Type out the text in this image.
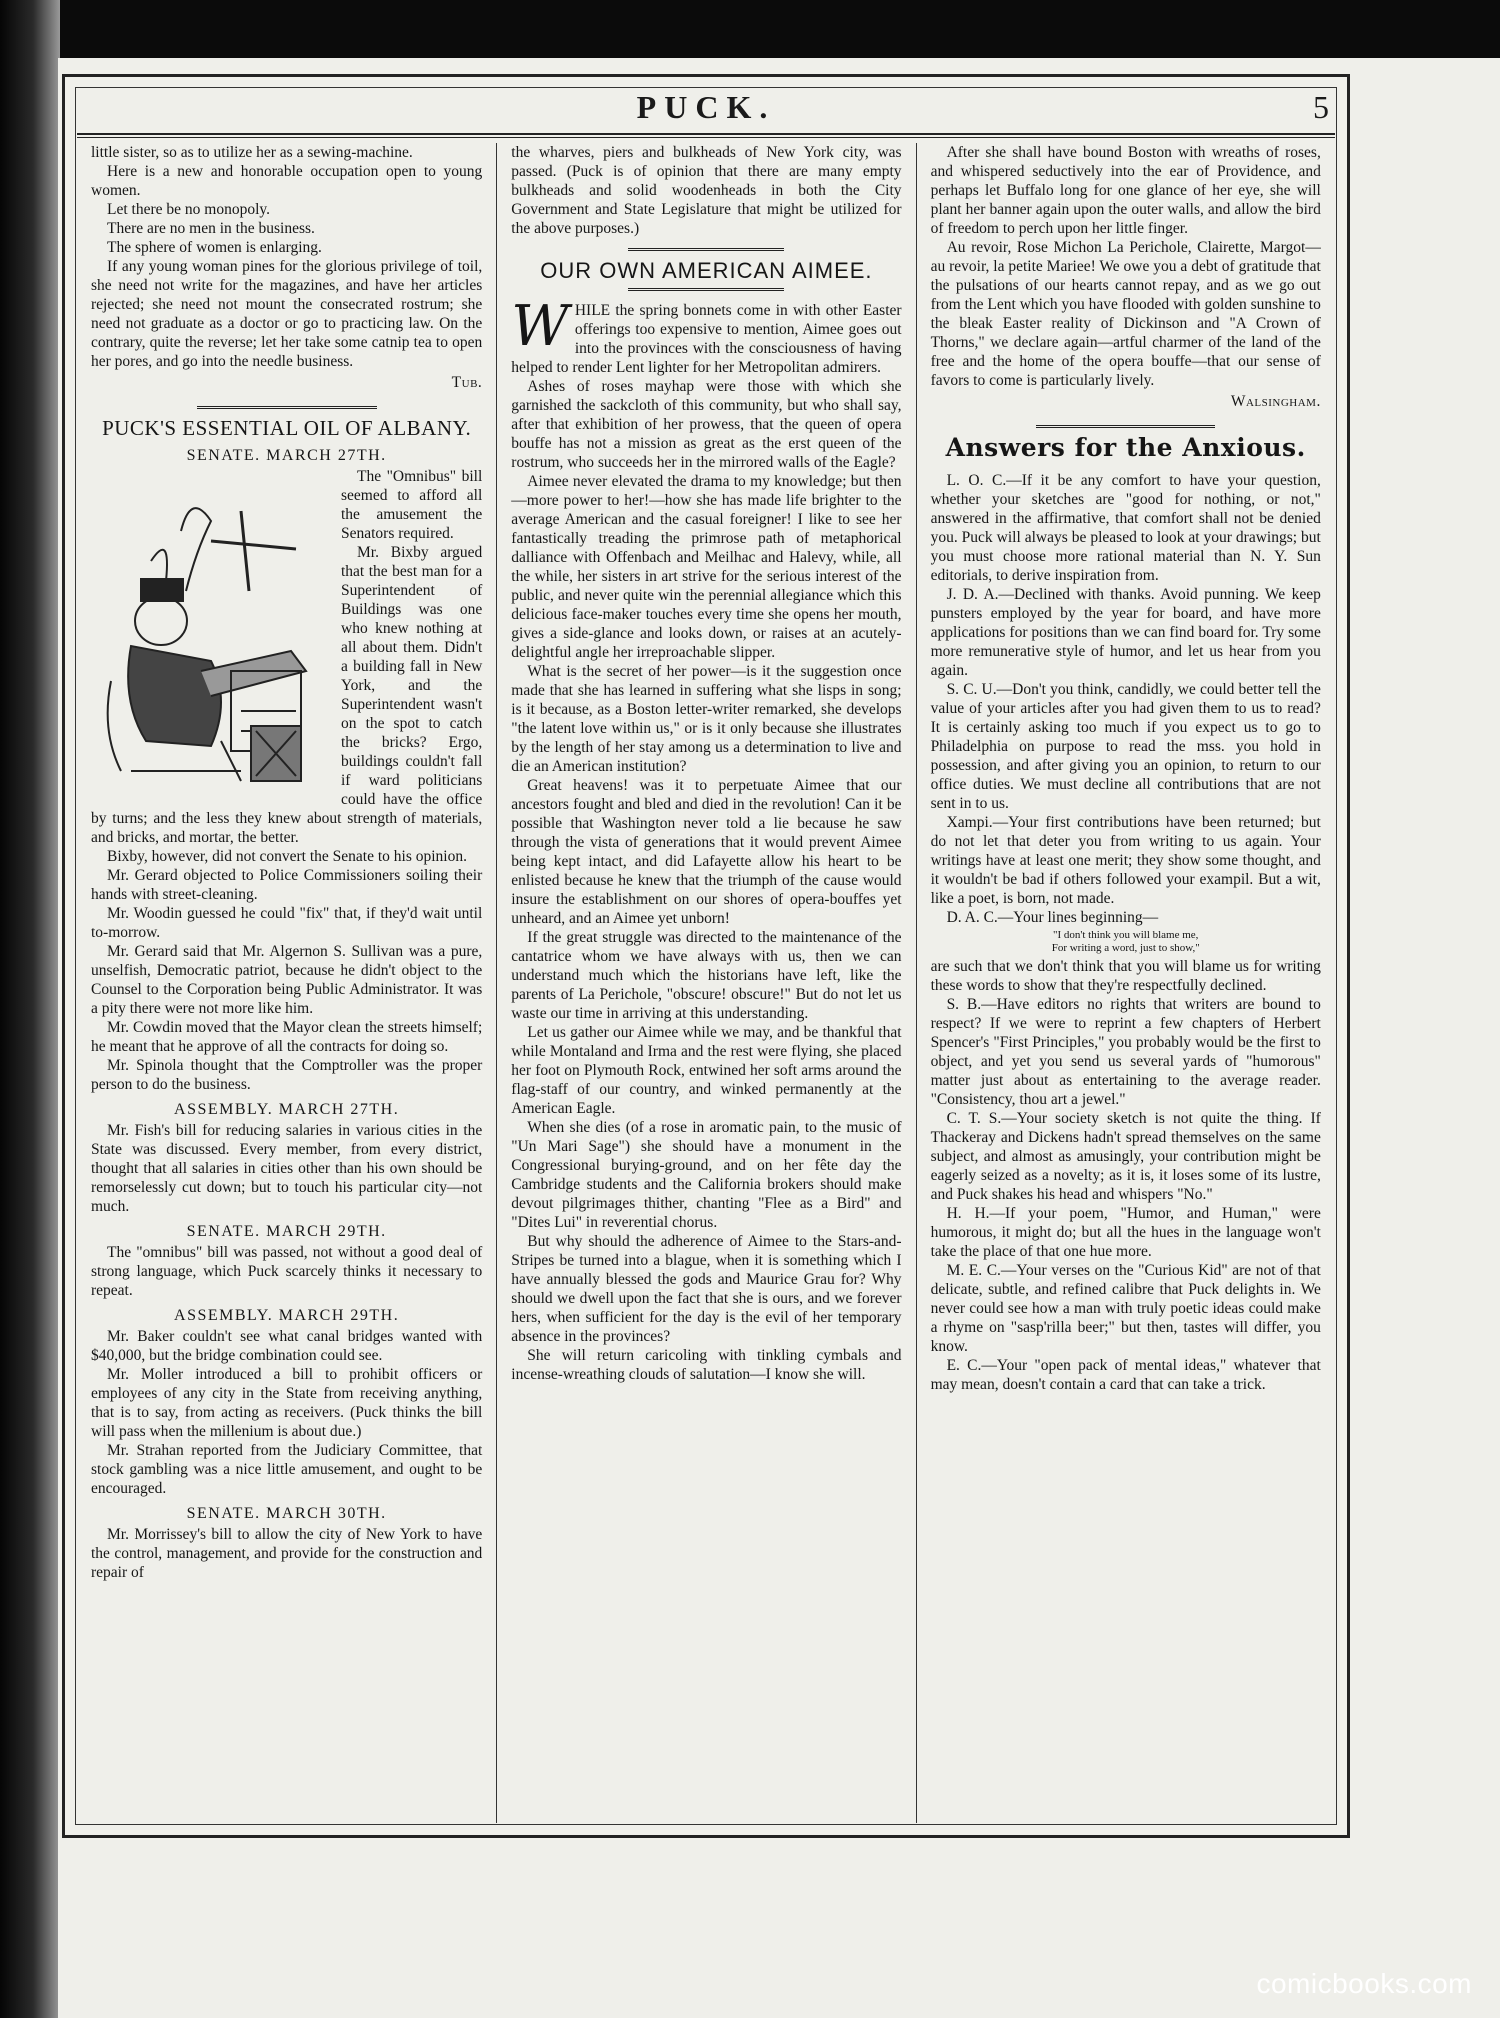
PUCK.	5

little sister, so as to utilize her as a sewing-machine.

Here is a new and honorable occupation open to young women.

Let there be no monopoly.

There are no men in the business.

The sphere of women is enlarging.

If any young woman pines for the glorious privilege of toil, she need not write for the magazines, and have her articles rejected; she need not mount the consecrated rostrum; she need not graduate as a doctor or go to practicing law. On the contrary, quite the reverse; let her take some catnip tea to open her pores, and go into the needle business.

Tub.
PUCK'S ESSENTIAL OIL OF ALBANY.
SENATE. MARCH 27TH.

The "Omnibus" bill seemed to afford all the amusement the Senators required.

Mr. Bixby argued that the best man for a Superintendent of Buildings was one who knew nothing at all about them. Didn't a building fall in New York, and the Superintendent wasn't on the spot to catch the bricks? Ergo, buildings couldn't fall if ward politicians could have the office by turns; and the less they knew about strength of materials, and bricks, and mortar, the better.

Bixby, however, did not convert the Senate to his opinion.

Mr. Gerard objected to Police Commissioners soiling their hands with street-cleaning.

Mr. Woodin guessed he could "fix" that, if they'd wait until to-morrow.

Mr. Gerard said that Mr. Algernon S. Sullivan was a pure, unselfish, Democratic patriot, because he didn't object to the Counsel to the Corporation being Public Administrator. It was a pity there were not more like him.

Mr. Cowdin moved that the Mayor clean the streets himself; he meant that he approve of all the contracts for doing so.

Mr. Spinola thought that the Comptroller was the proper person to do the business.

ASSEMBLY. MARCH 27TH.

Mr. Fish's bill for reducing salaries in various cities in the State was discussed. Every member, from every district, thought that all salaries in cities other than his own should be remorselessly cut down; but to touch his particular city—not much.

SENATE. MARCH 29TH.

The "omnibus" bill was passed, not without a good deal of strong language, which Puck scarcely thinks it necessary to repeat.

ASSEMBLY. MARCH 29TH.

Mr. Baker couldn't see what canal bridges wanted with $40,000, but the bridge combination could see.

Mr. Moller introduced a bill to prohibit officers or employees of any city in the State from receiving anything, that is to say, from acting as receivers. (Puck thinks the bill will pass when the millenium is about due.)

Mr. Strahan reported from the Judiciary Committee, that stock gambling was a nice little amusement, and ought to be encouraged.

SENATE. MARCH 30TH.

Mr. Morrissey's bill to allow the city of New York to have the control, management, and provide for the construction and repair of

the wharves, piers and bulkheads of New York city, was passed. (Puck is of opinion that there are many empty bulkheads and solid woodenheads in both the City Government and State Legislature that might be utilized for the above purposes.)

OUR OWN AMERICAN AIMEE.

WHILE the spring bonnets come in with other Easter offerings too expensive to mention, Aimee goes out into the provinces with the consciousness of having helped to render Lent lighter for her Metropolitan admirers.

Ashes of roses mayhap were those with which she garnished the sackcloth of this community, but who shall say, after that exhibition of her prowess, that the queen of opera bouffe has not a mission as great as the erst queen of the rostrum, who succeeds her in the mirrored walls of the Eagle?

Aimee never elevated the drama to my knowledge; but then—more power to her!—how she has made life brighter to the average American and the casual foreigner! I like to see her fantastically treading the primrose path of metaphorical dalliance with Offenbach and Meilhac and Halevy, while, all the while, her sisters in art strive for the serious interest of the public, and never quite win the perennial allegiance which this delicious face-maker touches every time she opens her mouth, gives a side-glance and looks down, or raises at an acutely-delightful angle her irreproachable slipper.

What is the secret of her power—is it the suggestion once made that she has learned in suffering what she lisps in song; is it because, as a Boston letter-writer remarked, she develops "the latent love within us," or is it only because she illustrates by the length of her stay among us a determination to live and die an American institution?

Great heavens! was it to perpetuate Aimee that our ancestors fought and bled and died in the revolution! Can it be possible that Washington never told a lie because he saw through the vista of generations that it would prevent Aimee being kept intact, and did Lafayette allow his heart to be enlisted because he knew that the triumph of the cause would insure the establishment on our shores of opera-bouffes yet unheard, and an Aimee yet unborn!

If the great struggle was directed to the maintenance of the cantatrice whom we have always with us, then we can understand much which the historians have left, like the parents of La Perichole, "obscure! obscure!" But do not let us waste our time in arriving at this understanding.

Let us gather our Aimee while we may, and be thankful that while Montaland and Irma and the rest were flying, she placed her foot on Plymouth Rock, entwined her soft arms around the flag-staff of our country, and winked permanently at the American Eagle.

When she dies (of a rose in aromatic pain, to the music of "Un Mari Sage") she should have a monument in the Congressional burying-ground, and on her fête day the Cambridge students and the California brokers should make devout pilgrimages thither, chanting "Flee as a Bird" and "Dites Lui" in reverential chorus.

But why should the adherence of Aimee to the Stars-and-Stripes be turned into a blague, when it is something which I have annually blessed the gods and Maurice Grau for? Why should we dwell upon the fact that she is ours, and we forever hers, when sufficient for the day is the evil of her temporary absence in the provinces?

She will return caricoling with tinkling cymbals and incense-wreathing clouds of salutation—I know she will.

After she shall have bound Boston with wreaths of roses, and whispered seductively into the ear of Providence, and perhaps let Buffalo long for one glance of her eye, she will plant her banner again upon the outer walls, and allow the bird of freedom to perch upon her little finger.

Au revoir, Rose Michon La Perichole, Clairette, Margot—au revoir, la petite Mariee! We owe you a debt of gratitude that the pulsations of our hearts cannot repay, and as we go out from the Lent which you have flooded with golden sunshine to the bleak Easter reality of Dickinson and "A Crown of Thorns," we declare again—artful charmer of the land of the free and the home of the opera bouffe—that our sense of favors to come is particularly lively.

Walsingham.
Answers for the Anxious.

L. O. C.—If it be any comfort to have your question, whether your sketches are "good for nothing, or not," answered in the affirmative, that comfort shall not be denied you. Puck will always be pleased to look at your drawings; but you must choose more rational material than N. Y. Sun editorials, to derive inspiration from.

J. D. A.—Declined with thanks. Avoid punning. We keep punsters employed by the year for board, and have more applications for positions than we can find board for. Try some more remunerative style of humor, and let us hear from you again.

S. C. U.—Don't you think, candidly, we could better tell the value of your articles after you had given them to us to read? It is certainly asking too much if you expect us to go to Philadelphia on purpose to read the mss. you hold in possession, and after giving you an opinion, to return to our office duties. We must decline all contributions that are not sent in to us.

Xampi.—Your first contributions have been returned; but do not let that deter you from writing to us again. Your writings have at least one merit; they show some thought, and it wouldn't be bad if others followed your exampil. But a wit, like a poet, is born, not made.

D. A. C.—Your lines beginning—

"I don't think you will blame me,
For writing a word, just to show,"

are such that we don't think that you will blame us for writing these words to show that they're respectfully declined.

S. B.—Have editors no rights that writers are bound to respect? If we were to reprint a few chapters of Herbert Spencer's "First Principles," you probably would be the first to object, and yet you send us several yards of "humorous" matter just about as entertaining to the average reader. "Consistency, thou art a jewel."

C. T. S.—Your society sketch is not quite the thing. If Thackeray and Dickens hadn't spread themselves on the same subject, and almost as amusingly, your contribution might be eagerly seized as a novelty; as it is, it loses some of its lustre, and Puck shakes his head and whispers "No."

H. H.—If your poem, "Humor, and Human," were humorous, it might do; but all the hues in the language won't take the place of that one hue more.

M. E. C.—Your verses on the "Curious Kid" are not of that delicate, subtle, and refined calibre that Puck delights in. We never could see how a man with truly poetic ideas could make a rhyme on "sasp'rilla beer;" but then, tastes will differ, you know.

E. C.—Your "open pack of mental ideas," whatever that may mean, doesn't contain a card that can take a trick.

comicbooks.com
